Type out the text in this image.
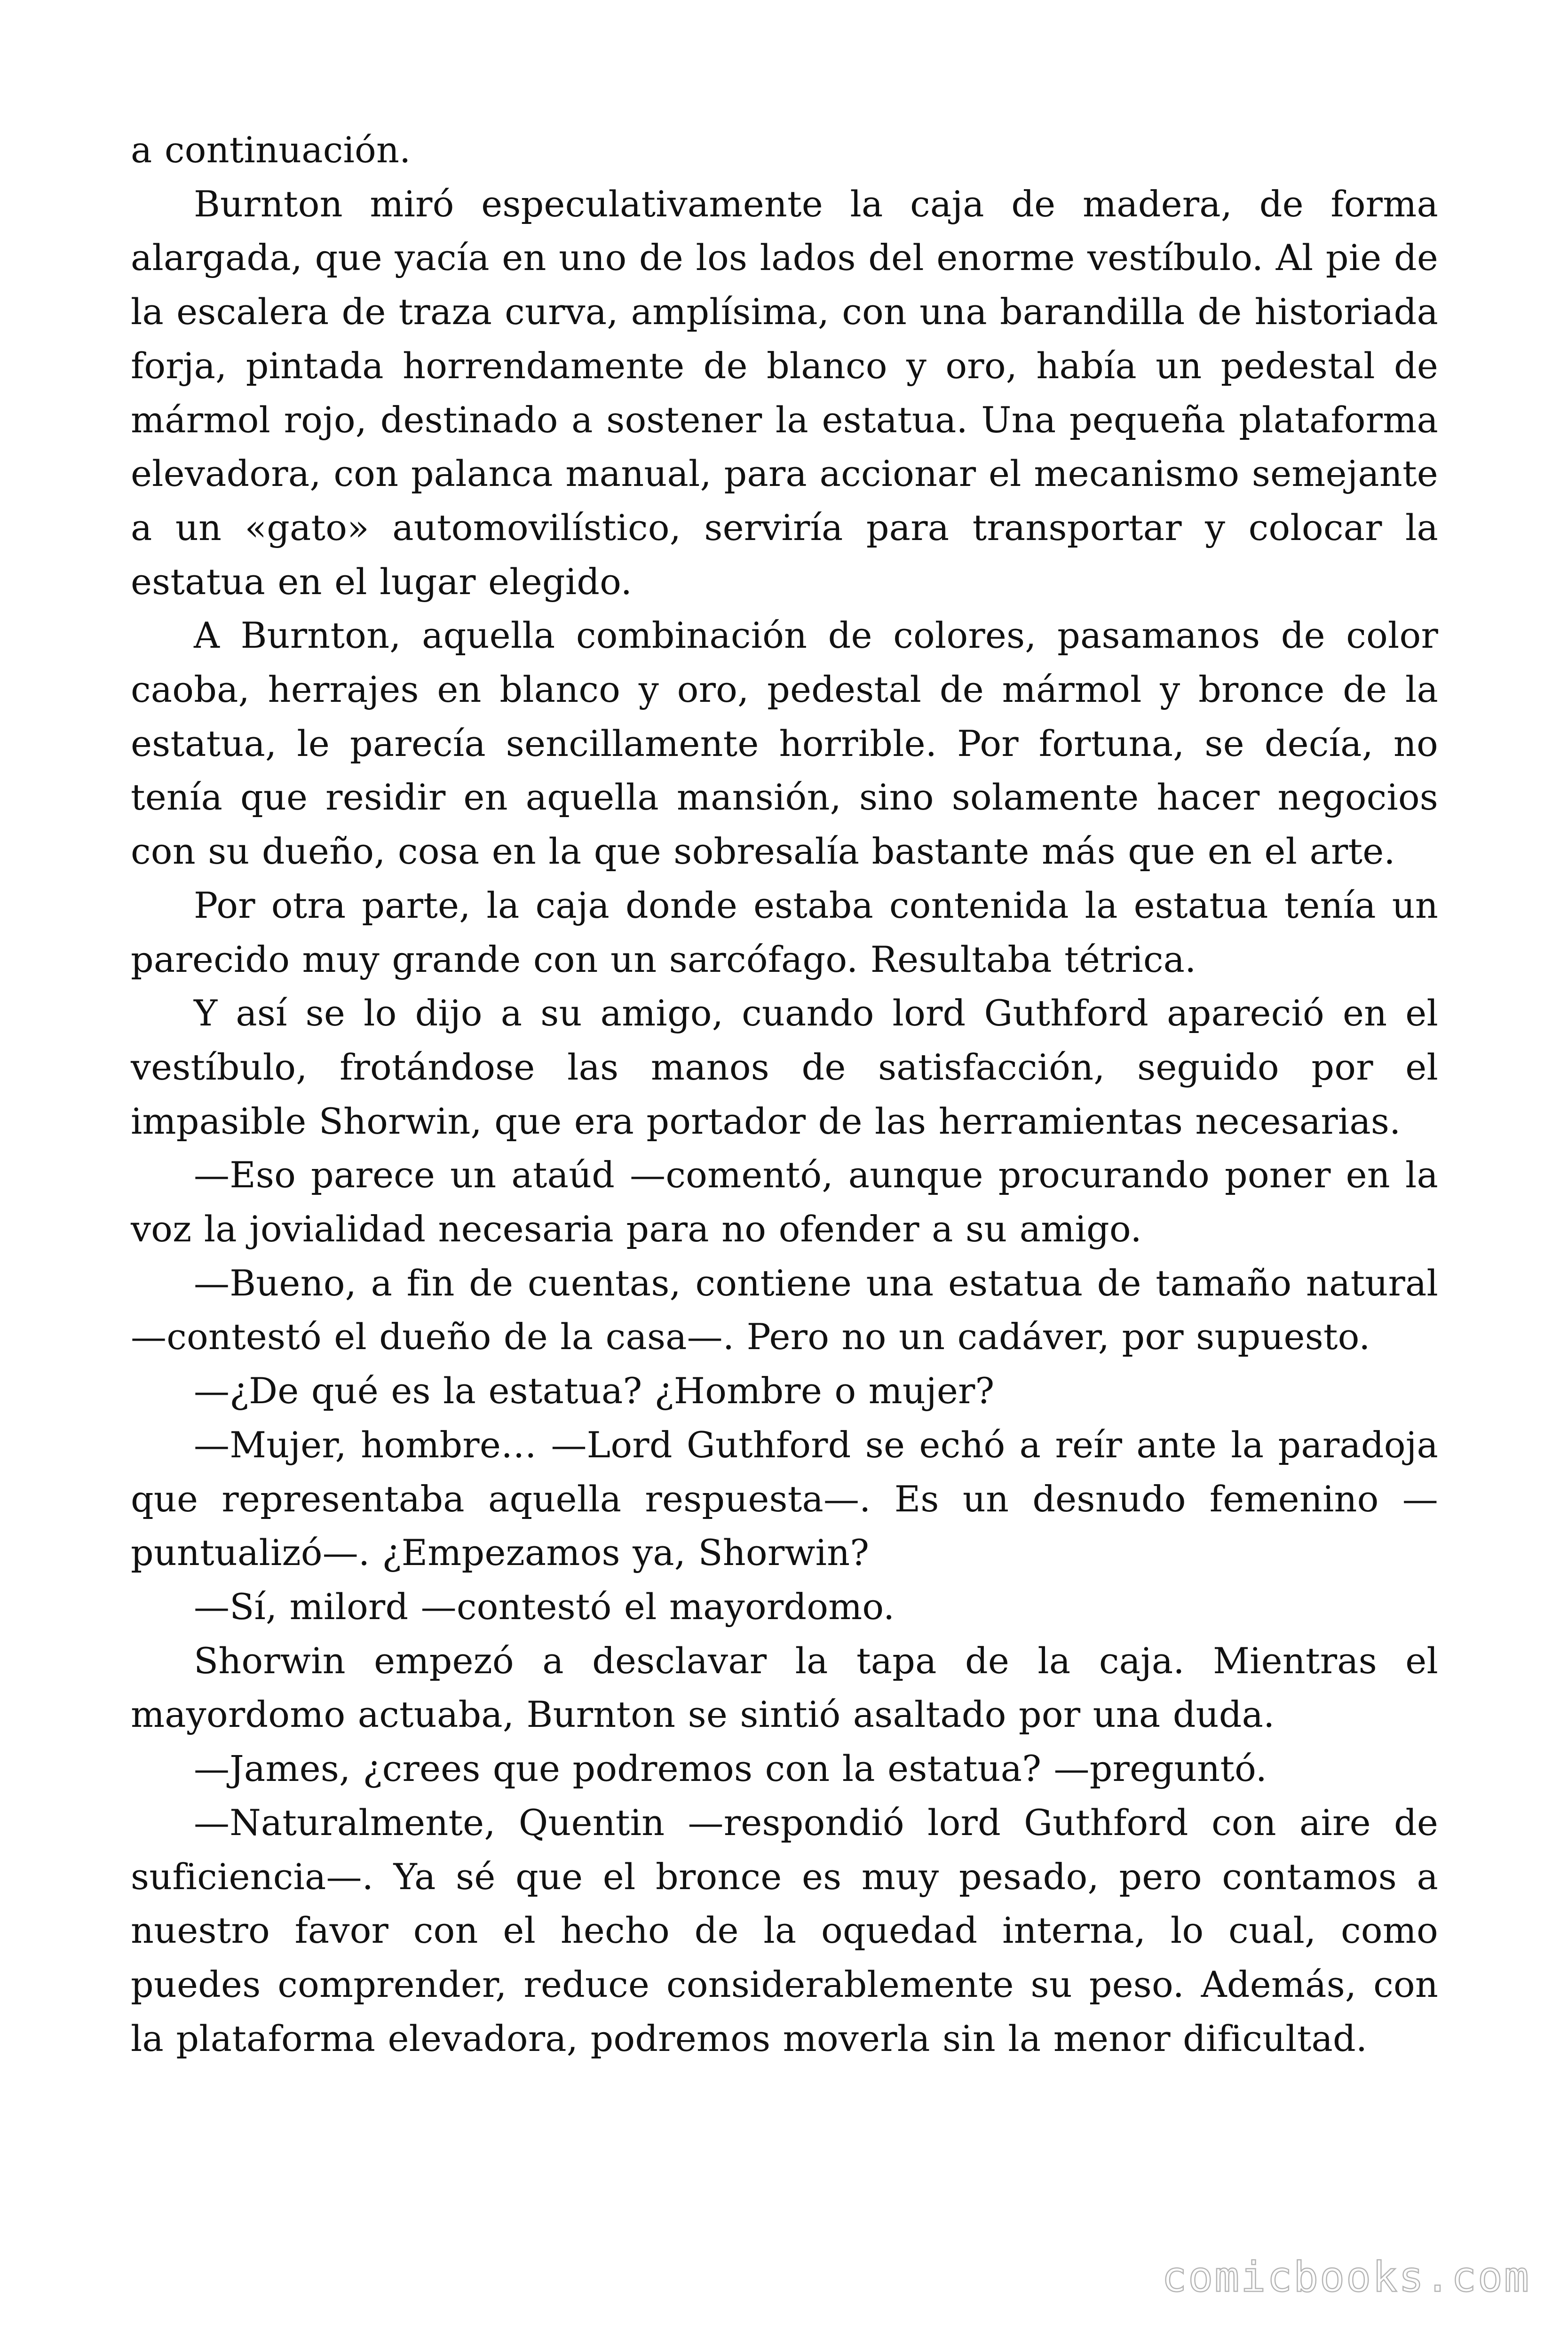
a continuación.

Burnton miró especulativamente la caja de madera, de forma alargada, que yacía en uno de los lados del enorme vestíbulo. Al pie de la escalera de traza curva, amplísima, con una barandilla de historiada forja, pintada horrendamente de blanco y oro, había un pedestal de mármol rojo, destinado a sostener la estatua. Una pequeña plataforma elevadora, con palanca manual, para accionar el mecanismo semejante a un «gato» automovilístico, serviría para transportar y colocar la estatua en el lugar elegido.

A Burnton, aquella combinación de colores, pasamanos de color caoba, herrajes en blanco y oro, pedestal de mármol y bronce de la estatua, le parecía sencillamente horrible. Por fortuna, se decía, no tenía que residir en aquella mansión, sino solamente hacer negocios con su dueño, cosa en la que sobresalía bastante más que en el arte.

Por otra parte, la caja donde estaba contenida la estatua tenía un parecido muy grande con un sarcófago. Resultaba tétrica.

Y así se lo dijo a su amigo, cuando lord Guthford apareció en el vestíbulo, frotándose las manos de satisfacción, seguido por el impasible Shorwin, que era portador de las herramientas necesarias.

—Eso parece un ataúd —comentó, aunque procurando poner en la voz la jovialidad necesaria para no ofender a su amigo.

—Bueno, a fin de cuentas, contiene una estatua de tamaño natural —contestó el dueño de la casa—. Pero no un cadáver, por supuesto.

—¿De qué es la estatua? ¿Hombre o mujer?

—Mujer, hombre… —Lord Guthford se echó a reír ante la paradoja que representaba aquella respuesta—. Es un desnudo femenino —puntualizó—. ¿Empezamos ya, Shorwin?

—Sí, milord —contestó el mayordomo.

Shorwin empezó a desclavar la tapa de la caja. Mientras el mayordomo actuaba, Burnton se sintió asaltado por una duda.

—James, ¿crees que podremos con la estatua? —preguntó.

—Naturalmente, Quentin —respondió lord Guthford con aire de suficiencia—. Ya sé que el bronce es muy pesado, pero contamos a nuestro favor con el hecho de la oquedad interna, lo cual, como puedes comprender, reduce considerablemente su peso. Además, con la plataforma elevadora, podremos moverla sin la menor dificultad.

comicbooks.com
